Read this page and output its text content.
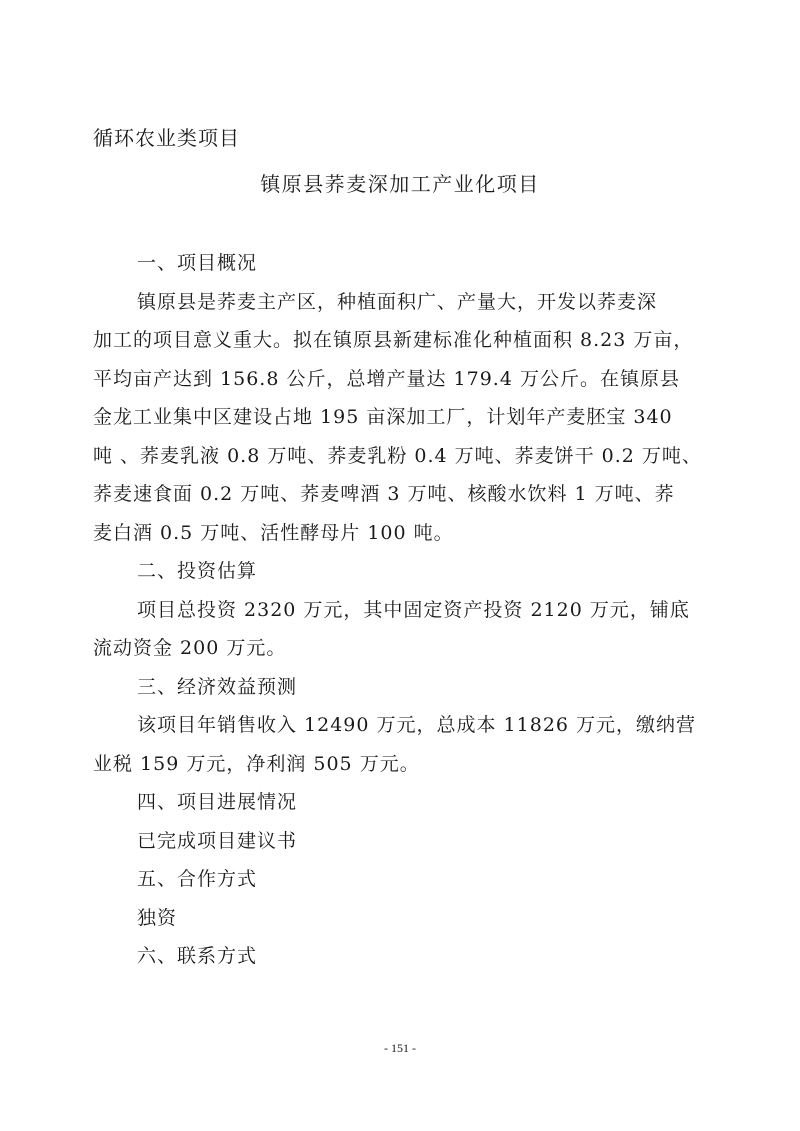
循环农业类项目
镇原县荞麦深加工产业化项目
一、项目概况
镇原县是荞麦主产区，种植面积广、产量大，开发以荞麦深
加工的项目意义重大。拟在镇原县新建标准化种植面积 8.23 万亩，
平均亩产达到 156.8 公斤，总增产量达 179.4 万公斤。在镇原县
金龙工业集中区建设占地 195 亩深加工厂，计划年产麦胚宝 340
吨 、荞麦乳液 0.8 万吨、荞麦乳粉 0.4 万吨、荞麦饼干 0.2 万吨、
荞麦速食面 0.2 万吨、荞麦啤酒 3 万吨、核酸水饮料 1 万吨、荞
麦白酒 0.5 万吨、活性酵母片 100 吨。
二、投资估算
项目总投资 2320 万元，其中固定资产投资 2120 万元，铺底
流动资金 200 万元。
三、经济效益预测
该项目年销售收入 12490 万元，总成本 11826 万元，缴纳营
业税 159 万元，净利润 505 万元。
四、项目进展情况
已完成项目建议书
五、合作方式
独资
六、联系方式
- 151 -
